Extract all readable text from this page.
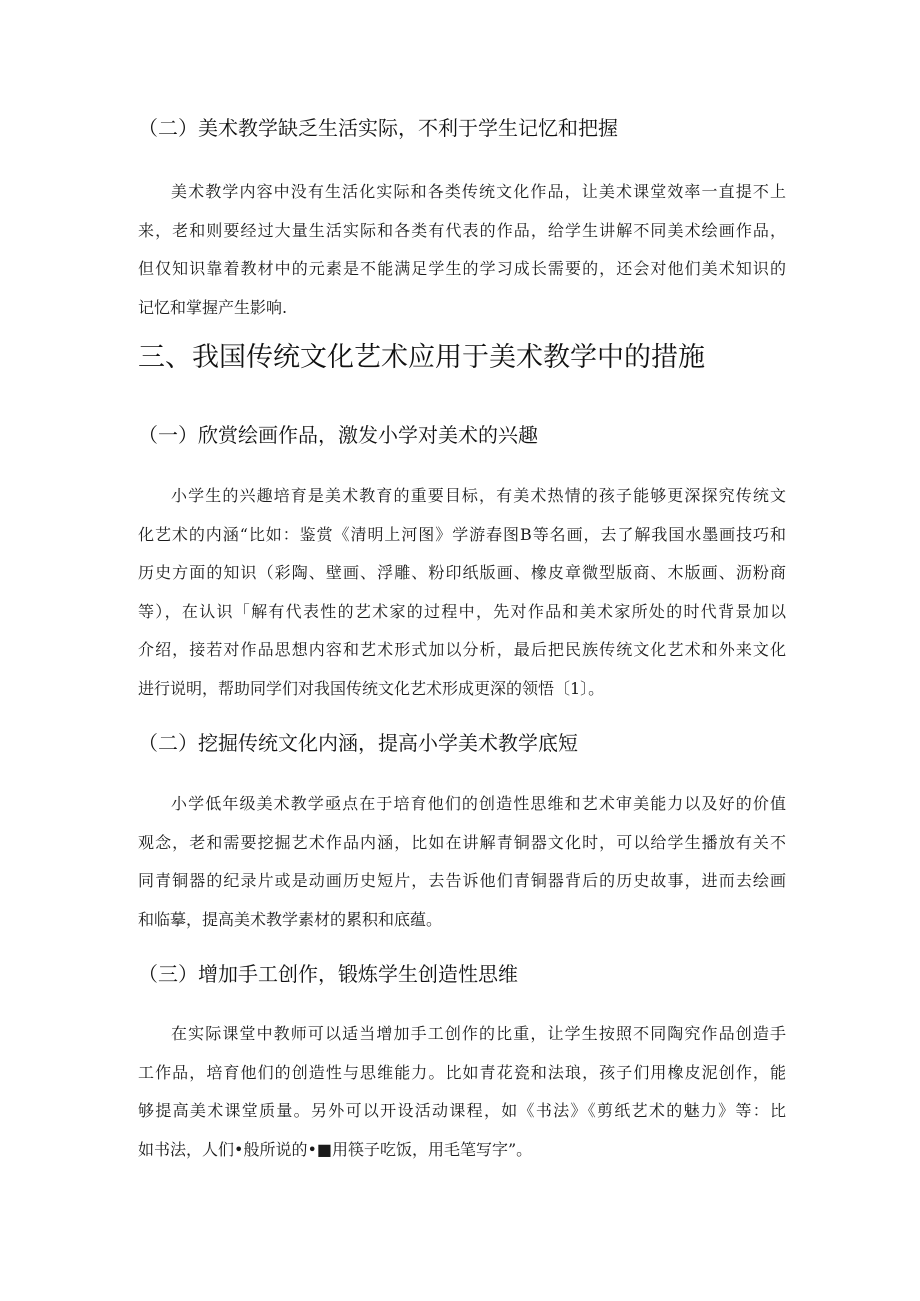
（二）美术教学缺乏生活实际，不利于学生记忆和把握
美术教学内容中没有生活化实际和各类传统文化作品，让美术课堂效率一直提不上
来，老和则要经过大量生活实际和各类有代表的作品，给学生讲解不同美术绘画作品，
但仅知识靠着教材中的元素是不能满足学生的学习成长需要的，还会对他们美术知识的
记忆和掌握产生影响.
三、我国传统文化艺术应用于美术教学中的措施
（一）欣赏绘画作品，激发小学对美术的兴趣
小学生的兴趣培育是美术教育的重要目标，有美术热情的孩子能够更深探究传统文
化艺术的内涵“比如：鉴赏《清明上河图》学游春图B等名画，去了解我国水墨画技巧和
历史方面的知识（彩陶、壁画、浮雕、粉印纸版画、橡皮章微型版商、木版画、沥粉商
等），在认识「解有代表性的艺术家的过程中，先对作品和美术家所处的时代背景加以
介绍，接若对作品思想内容和艺术形式加以分析，最后把民族传统文化艺术和外来文化
进行说明，帮助同学们对我国传统文化艺术形成更深的领悟〔1〕。
（二）挖掘传统文化内涵，提高小学美术教学底短
小学低年级美术教学亟点在于培育他们的创造性思维和艺术审美能力以及好的价值
观念，老和需要挖掘艺术作品内涵，比如在讲解青铜器文化时，可以给学生播放有关不
同青铜器的纪录片或是动画历史短片，去告诉他们青铜器背后的历史故事，进而去绘画
和临摹，提高美术教学素材的累积和底蕴。
（三）增加手工创作，锻炼学生创造性思维
在实际课堂中教师可以适当增加手工创作的比重，让学生按照不同陶究作品创造手
工作品，培育他们的创造性与思维能力。比如青花瓷和法琅，孩子们用橡皮泥创作，能
够提高美术课堂质量。另外可以开设活动课程，如《书法》《剪纸艺术的魅力》等：比
如书法，人们•般所说的•■用筷子吃饭，用毛笔写字”。
